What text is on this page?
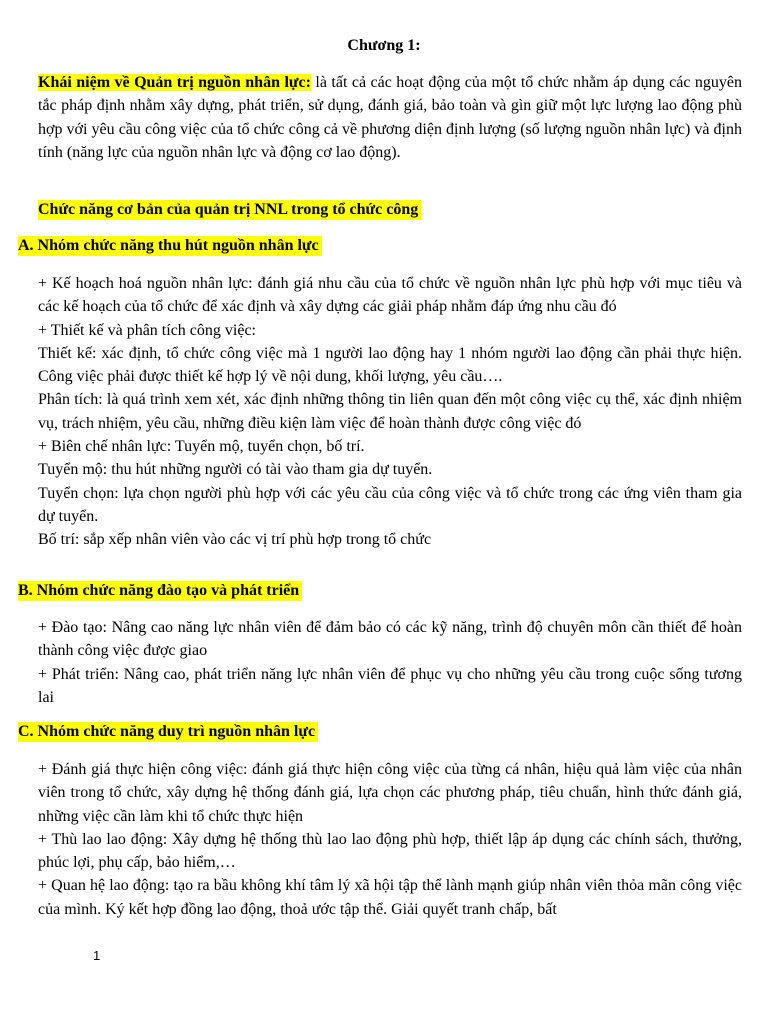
Chương 1:
Khái niệm về Quản trị nguồn nhân lực: là tất cả các hoạt động của một tổ chức nhằm áp dụng các nguyên tắc pháp định nhằm xây dựng, phát triển, sử dụng, đánh giá, bảo toàn và gìn giữ một lực lượng lao động phù hợp với yêu cầu công việc của tổ chức công cả về phương diện định lượng (số lượng nguồn nhân lực) và định tính (năng lực của nguồn nhân lực và động cơ lao động).
Chức năng cơ bản của quản trị NNL trong tổ chức công
A. Nhóm chức năng thu hút nguồn nhân lực
+ Kế hoạch hoá nguồn nhân lực: đánh giá nhu cầu của tổ chức về nguồn nhân lực phù hợp với mục tiêu và các kế hoạch của tổ chức để xác định và xây dựng các giải pháp nhằm đáp ứng nhu cầu đó
+ Thiết kế và phân tích công việc:
Thiết kế: xác định, tổ chức công việc mà 1 người lao động hay 1 nhóm người lao động cần phải thực hiện. Công việc phải được thiết kế hợp lý về nội dung, khối lượng, yêu cầu….
Phân tích: là quá trình xem xét, xác định những thông tin liên quan đến một công việc cụ thể, xác định nhiệm vụ, trách nhiệm, yêu cầu, những điều kiện làm việc để hoàn thành được công việc đó
+ Biên chế nhân lực: Tuyển mộ, tuyển chọn, bố trí.
Tuyển mộ: thu hút những người có tài vào tham gia dự tuyển.
Tuyển chọn: lựa chọn người phù hợp với các yêu cầu của công việc và tổ chức trong các ứng viên tham gia dự tuyển.
Bố trí: sắp xếp nhân viên vào các vị trí phù hợp trong tổ chức
B. Nhóm chức năng đào tạo và phát triển
+ Đào tạo: Nâng cao năng lực nhân viên để đảm bảo có các kỹ năng, trình độ chuyên môn cần thiết để hoàn thành công việc được giao
+ Phát triển: Nâng cao, phát triển năng lực nhân viên để phục vụ cho những yêu cầu trong cuộc sống tương lai
C. Nhóm chức năng duy trì nguồn nhân lực
+ Đánh giá thực hiện công việc: đánh giá thực hiện công việc của từng cá nhân, hiệu quả làm việc của nhân viên trong tổ chức, xây dựng hệ thống đánh giá, lựa chọn các phương pháp, tiêu chuẩn, hình thức đánh giá, những việc cần làm khi tổ chức thực hiện
+ Thù lao lao động: Xây dựng hệ thống thù lao lao động phù hợp, thiết lập áp dụng các chính sách, thưởng, phúc lợi, phụ cấp, bảo hiểm,…
+ Quan hệ lao động: tạo ra bầu không khí tâm lý xã hội tập thể lành mạnh giúp nhân viên thỏa mãn công việc của mình. Ký kết hợp đồng lao động, thoả ước tập thể. Giải quyết tranh chấp, bất
1
